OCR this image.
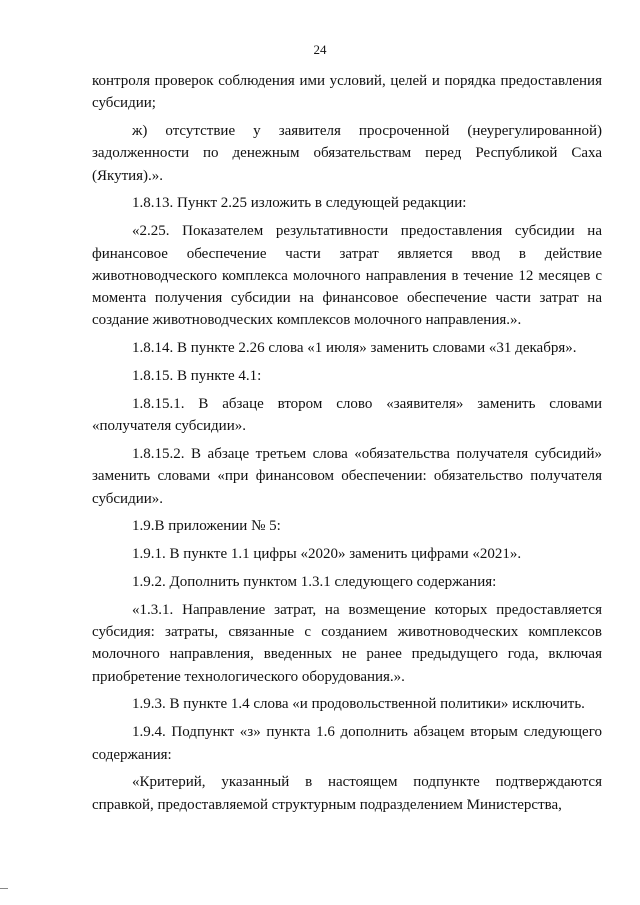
24

контроля проверок соблюдения ими условий, целей и порядка предоставления субсидии;

ж) отсутствие у заявителя просроченной (неурегулированной) задолженности по денежным обязательствам перед Республикой Саха (Якутия).».

1.8.13. Пункт 2.25 изложить в следующей редакции:

«2.25. Показателем результативности предоставления субсидии на финансовое обеспечение части затрат является ввод в действие животноводческого комплекса молочного направления в течение 12 месяцев с момента получения субсидии на финансовое обеспечение части затрат на создание животноводческих комплексов молочного направления.».

1.8.14. В пункте 2.26 слова «1 июля» заменить словами «31 декабря».

1.8.15. В пункте 4.1:

1.8.15.1. В абзаце втором слово «заявителя» заменить словами «получателя субсидии».

1.8.15.2. В абзаце третьем слова «обязательства получателя субсидий» заменить словами «при финансовом обеспечении: обязательство получателя субсидии».

1.9.В приложении № 5:

1.9.1. В пункте 1.1 цифры «2020» заменить цифрами «2021».

1.9.2. Дополнить пунктом 1.3.1 следующего содержания:

«1.3.1. Направление затрат, на возмещение которых предоставляется субсидия: затраты, связанные с созданием животноводческих комплексов молочного направления, введенных не ранее предыдущего года, включая приобретение технологического оборудования.».

1.9.3. В пункте 1.4 слова «и продовольственной политики» исключить.

1.9.4. Подпункт «з» пункта 1.6 дополнить абзацем вторым следующего содержания:

«Критерий, указанный в настоящем подпункте подтверждаются справкой, предоставляемой структурным подразделением Министерства,
